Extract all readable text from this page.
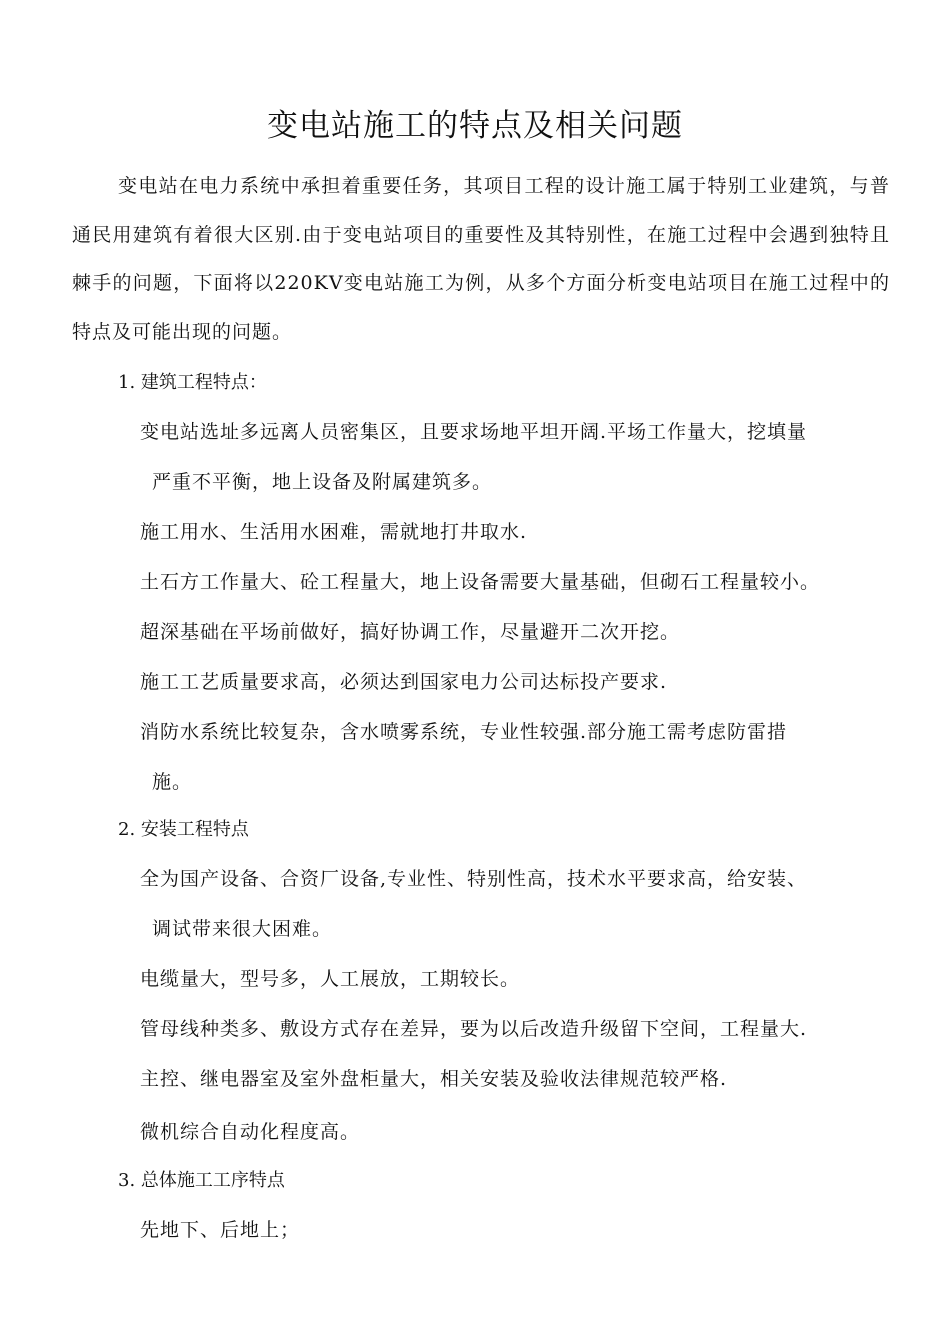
变电站施工的特点及相关问题
变电站在电力系统中承担着重要任务，其项目工程的设计施工属于特别工业建筑，与普通民用建筑有着很大区别.由于变电站项目的重要性及其特别性，在施工过程中会遇到独特且棘手的问题，下面将以220KV变电站施工为例，从多个方面分析变电站项目在施工过程中的特点及可能出现的问题。
1. 建筑工程特点：
变电站选址多远离人员密集区，且要求场地平坦开阔.平场工作量大，挖填量
严重不平衡，地上设备及附属建筑多。
施工用水、生活用水困难，需就地打井取水.
土石方工作量大、砼工程量大，地上设备需要大量基础，但砌石工程量较小。
超深基础在平场前做好，搞好协调工作，尽量避开二次开挖。
施工工艺质量要求高，必须达到国家电力公司达标投产要求.
消防水系统比较复杂，含水喷雾系统，专业性较强.部分施工需考虑防雷措
施。
2. 安装工程特点
全为国产设备、合资厂设备,专业性、特别性高，技术水平要求高，给安装、
调试带来很大困难。
电缆量大，型号多，人工展放，工期较长。
管母线种类多、敷设方式存在差异，要为以后改造升级留下空间，工程量大.
主控、继电器室及室外盘柜量大，相关安装及验收法律规范较严格.
微机综合自动化程度高。
3. 总体施工工序特点
先地下、后地上；
